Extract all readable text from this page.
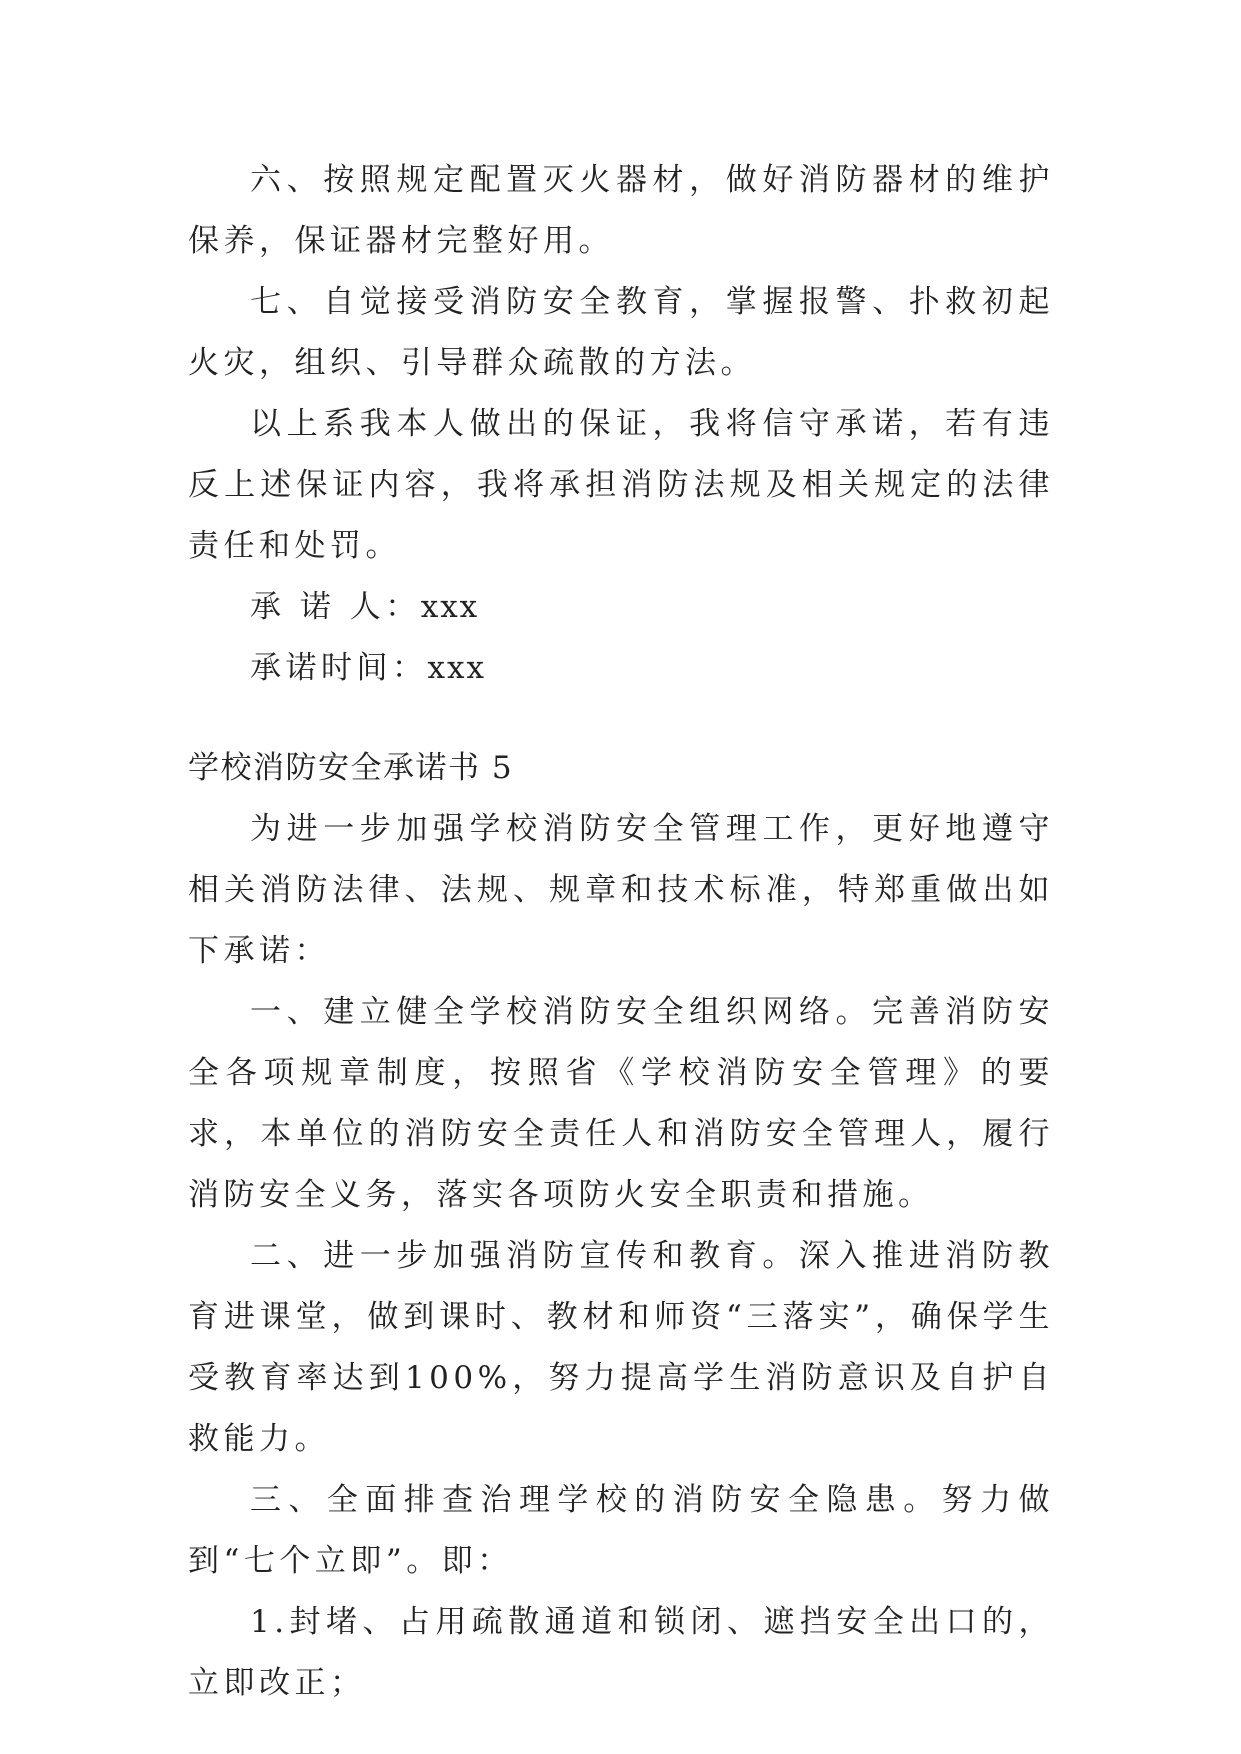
六、按照规定配置灭火器材，做好消防器材的维护保养，保证器材完整好用。

七、自觉接受消防安全教育，掌握报警、扑救初起火灾，组织、引导群众疏散的方法。

以上系我本人做出的保证，我将信守承诺，若有违反上述保证内容，我将承担消防法规及相关规定的法律责任和处罚。

承 诺 人：xxx

承诺时间：xxx

学校消防安全承诺书 5

为进一步加强学校消防安全管理工作，更好地遵守相关消防法律、法规、规章和技术标准，特郑重做出如下承诺：

一、建立健全学校消防安全组织网络。完善消防安全各项规章制度，按照省《学校消防安全管理》的要求，本单位的消防安全责任人和消防安全管理人，履行消防安全义务，落实各项防火安全职责和措施。

二、进一步加强消防宣传和教育。深入推进消防教育进课堂，做到课时、教材和师资“三落实”，确保学生受教育率达到100%，努力提高学生消防意识及自护自救能力。

三、全面排查治理学校的消防安全隐患。努力做到“七个立即”。即：

1.封堵、占用疏散通道和锁闭、遮挡安全出口的，立即改正；
